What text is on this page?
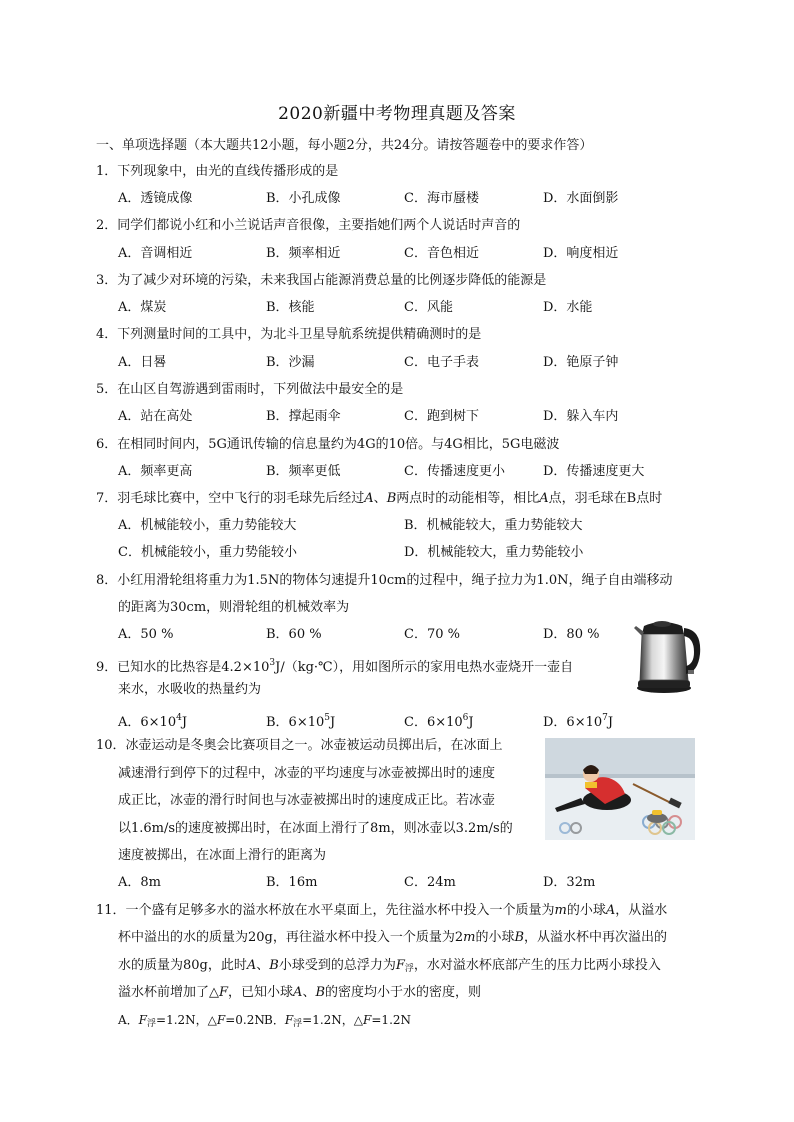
2020新疆中考物理真题及答案
一、单项选择题（本大题共12小题，每小题2分，共24分。请按答题卷中的要求作答）
1．下列现象中，由光的直线传播形成的是
A．透镜成像	B．小孔成像	C．海市蜃楼	D．水面倒影
2．同学们都说小红和小兰说话声音很像，主要指她们两个人说话时声音的
A．音调相近	B．频率相近	C．音色相近	D．响度相近
3．为了减少对环境的污染，未来我国占能源消费总量的比例逐步降低的能源是
A．煤炭	B．核能	C．风能	D．水能
4．下列测量时间的工具中，为北斗卫星导航系统提供精确测时的是
A．日晷	B．沙漏	C．电子手表	D．铯原子钟
5．在山区自驾游遇到雷雨时，下列做法中最安全的是
A．站在高处	B．撑起雨伞	C．跑到树下	D．躲入车内
6．在相同时间内，5G通讯传输的信息量约为4G的10倍。与4G相比，5G电磁波
A．频率更高	B．频率更低	C．传播速度更小	D．传播速度更大
7．羽毛球比赛中，空中飞行的羽毛球先后经过A、B两点时的动能相等，相比A点，羽毛球在B点时
A．机械能较小，重力势能较大	B．机械能较大，重力势能较大
C．机械能较小，重力势能较小	D．机械能较大，重力势能较小
8．小红用滑轮组将重力为1.5N的物体匀速提升10cm的过程中，绳子拉力为1.0N，绳子自由端移动
的距离为30cm，则滑轮组的机械效率为
A．50 %	B．60 %	C．70 %	D．80 %
9．已知水的比热容是$4.2\times 10^3J/(kg\cdot℃)$，用如图所示的家用电热水壶烧开一壶自
来水，水吸收的热量约为
A．$6\times 10^4J$	B．$6\times 10^5J$	C．$6\times 10^6J$	D．$6\times 10^7J$
10．冰壶运动是冬奥会比赛项目之一。冰壶被运动员掷出后，在冰面上
减速滑行到停下的过程中，冰壶的平均速度与冰壶被掷出时的速度
成正比，冰壶的滑行时间也与冰壶被掷出时的速度成正比。若冰壶
以1.6m/s的速度被掷出时，在冰面上滑行了8m，则冰壶以3.2m/s的
速度被掷出，在冰面上滑行的距离为
A．8m	B．16m	C．24m	D．32m
11．一个盛有足够多水的溢水杯放在水平桌面上，先往溢水杯中投入一个质量为m的小球A，从溢水
杯中溢出的水的质量为20g，再往溢水杯中投入一个质量为2m的小球B，从溢水杯中再次溢出的
水的质量为80g，此时A、B小球受到的总浮力为$F_浮$，水对溢水杯底部产生的压力比两小球投入
溢水杯前增加了△F，已知小球A、B的密度均小于水的密度，则
A．$F_浮=1.2N$，△F=0.2N B．$F_浮=1.2N$，△F=1.2N
